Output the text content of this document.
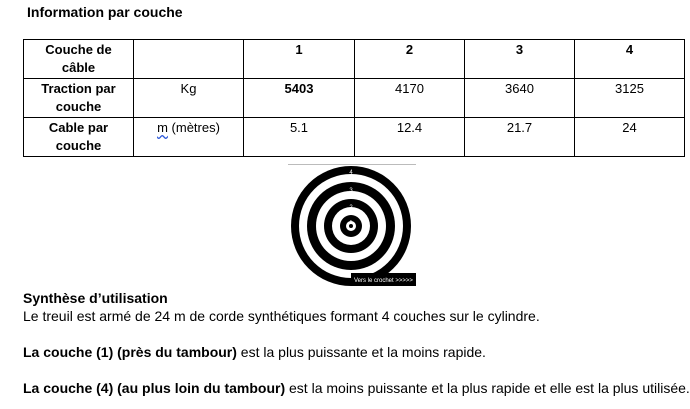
Information par couche
Couche de
câble		1	2	3	4
Traction par couche	Kg	5403	4170	3640	3125
Cable par couche	m (mètres)	5.1	12.4	21.7	24
1
2
3
4
Vers le crochet >>>>>
Synthèse d’utilisation
Le treuil est armé de 24 m de corde synthétiques formant 4 couches sur le cylindre.
La couche (1) (près du tambour) est la plus puissante et la moins rapide.
La couche (4) (au plus loin du tambour) est la moins puissante et la plus rapide et elle est la plus utilisée.
